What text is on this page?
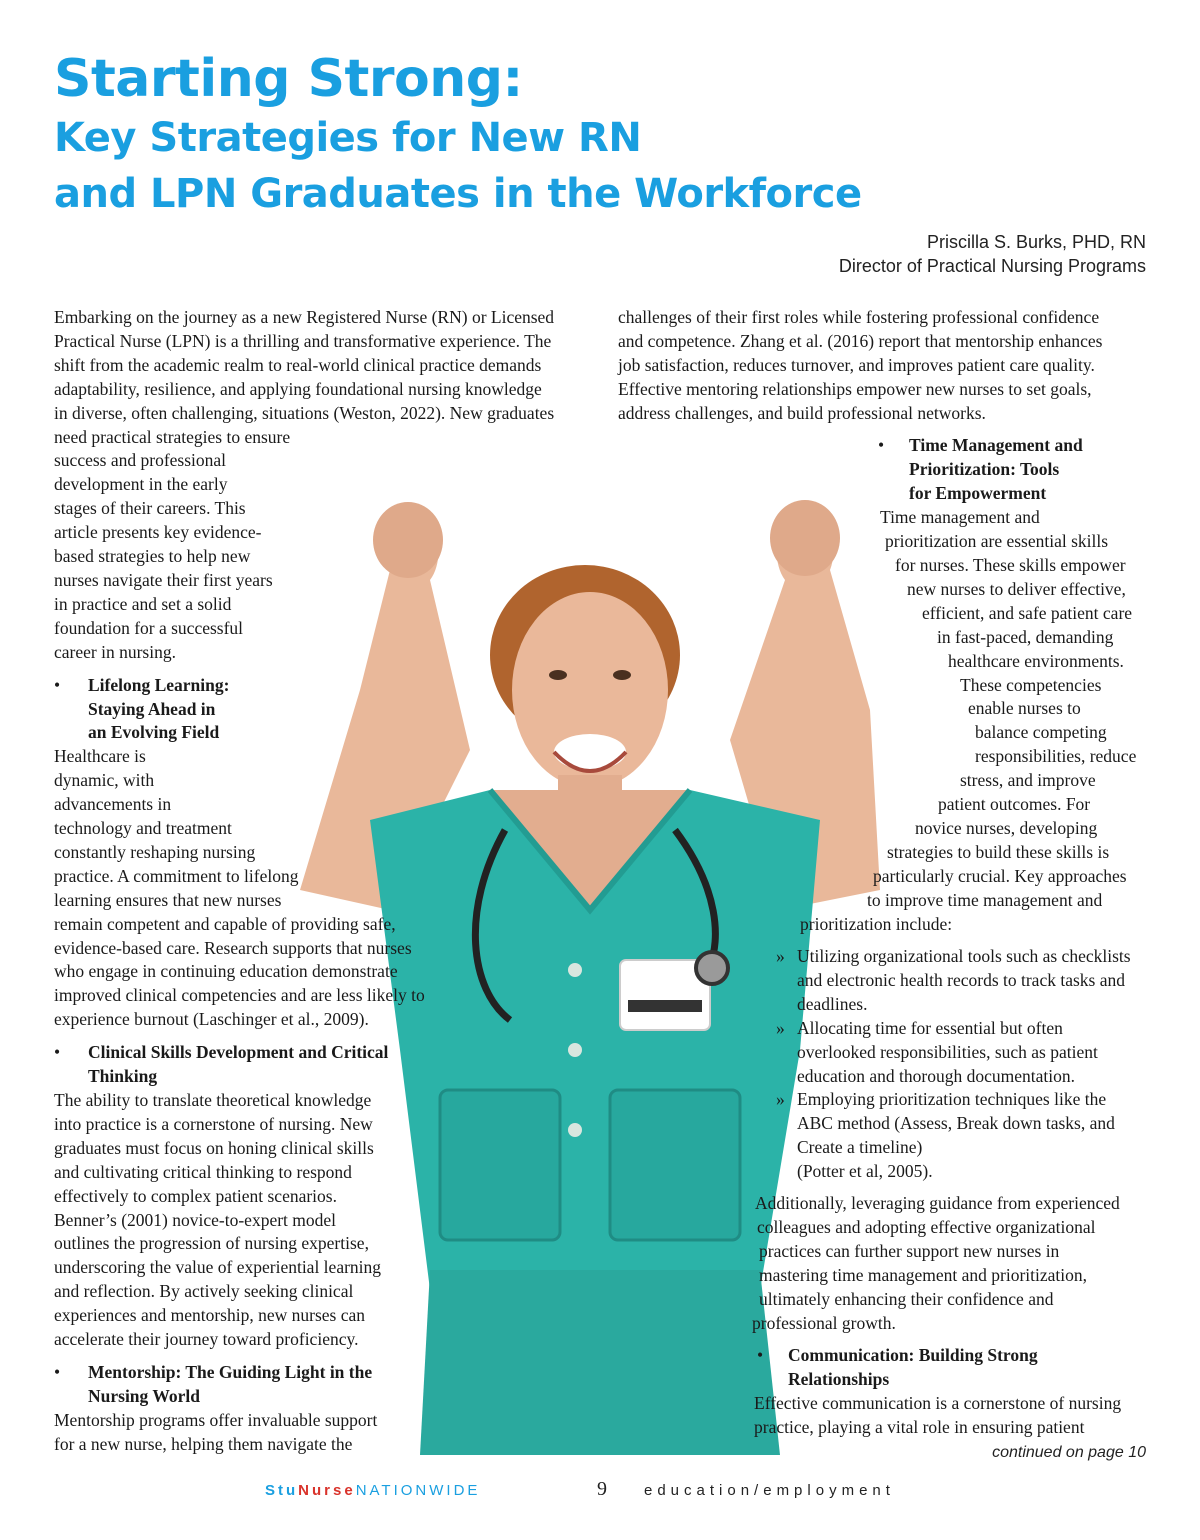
Starting Strong:

Key Strategies for New RN

and LPN Graduates in the Workforce

Priscilla S. Burks, PHD, RN
Director of Practical Nursing Programs
Embarking on the journey as a new Registered Nurse (RN) or Licensed
Practical Nurse (LPN) is a thrilling and transformative experience. The
shift from the academic realm to real-world clinical practice demands
adaptability, resilience, and applying foundational nursing knowledge
in diverse, often challenging, situations (Weston, 2022). New graduates
need practical strategies to ensure
success and professional
development in the early
stages of their careers. This
article presents key evidence-
based strategies to help new
nurses navigate their first years
in practice and set a solid
foundation for a successful
career in nursing.
• Lifelong Learning:
Staying Ahead in
an Evolving Field
Healthcare is
dynamic, with
advancements in
technology and treatment
constantly reshaping nursing
practice. A commitment to lifelong
learning ensures that new nurses
remain competent and capable of providing safe,
evidence-based care. Research supports that nurses
who engage in continuing education demonstrate
improved clinical competencies and are less likely to
experience burnout (Laschinger et al., 2009).
• Clinical Skills Development and Critical
Thinking
The ability to translate theoretical knowledge
into practice is a cornerstone of nursing. New
graduates must focus on honing clinical skills
and cultivating critical thinking to respond
effectively to complex patient scenarios.
Benner’s (2001) novice-to-expert model
outlines the progression of nursing expertise,
underscoring the value of experiential learning
and reflection. By actively seeking clinical
experiences and mentorship, new nurses can
accelerate their journey toward proficiency.
• Mentorship: The Guiding Light in the
Nursing World
Mentorship programs offer invaluable support
for a new nurse, helping them navigate the
challenges of their first roles while fostering professional confidence
and competence. Zhang et al. (2016) report that mentorship enhances
job satisfaction, reduces turnover, and improves patient care quality.
Effective mentoring relationships empower new nurses to set goals,
address challenges, and build professional networks.
• Time Management and
Prioritization: Tools
for Empowerment
Time management and
prioritization are essential skills
for nurses. These skills empower
new nurses to deliver effective,
efficient, and safe patient care
in fast-paced, demanding
healthcare environments.
These competencies
enable nurses to
balance competing
responsibilities, reduce
stress, and improve
patient outcomes. For
novice nurses, developing
strategies to build these skills is
particularly crucial. Key approaches
to improve time management and
prioritization include:
» Utilizing organizational tools such as checklists
and electronic health records to track tasks and
deadlines.
» Allocating time for essential but often
overlooked responsibilities, such as patient
education and thorough documentation.
» Employing prioritization techniques like the
ABC method (Assess, Break down tasks, and
Create a timeline)
(Potter et al, 2005).
Additionally, leveraging guidance from experienced
colleagues and adopting effective organizational
practices can further support new nurses in
mastering time management and prioritization,
ultimately enhancing their confidence and
professional growth.
• Communication: Building Strong
Relationships
Effective communication is a cornerstone of nursing
practice, playing a vital role in ensuring patient
continued on page 10
StuNurseNATIONWIDE	9 education/employment
